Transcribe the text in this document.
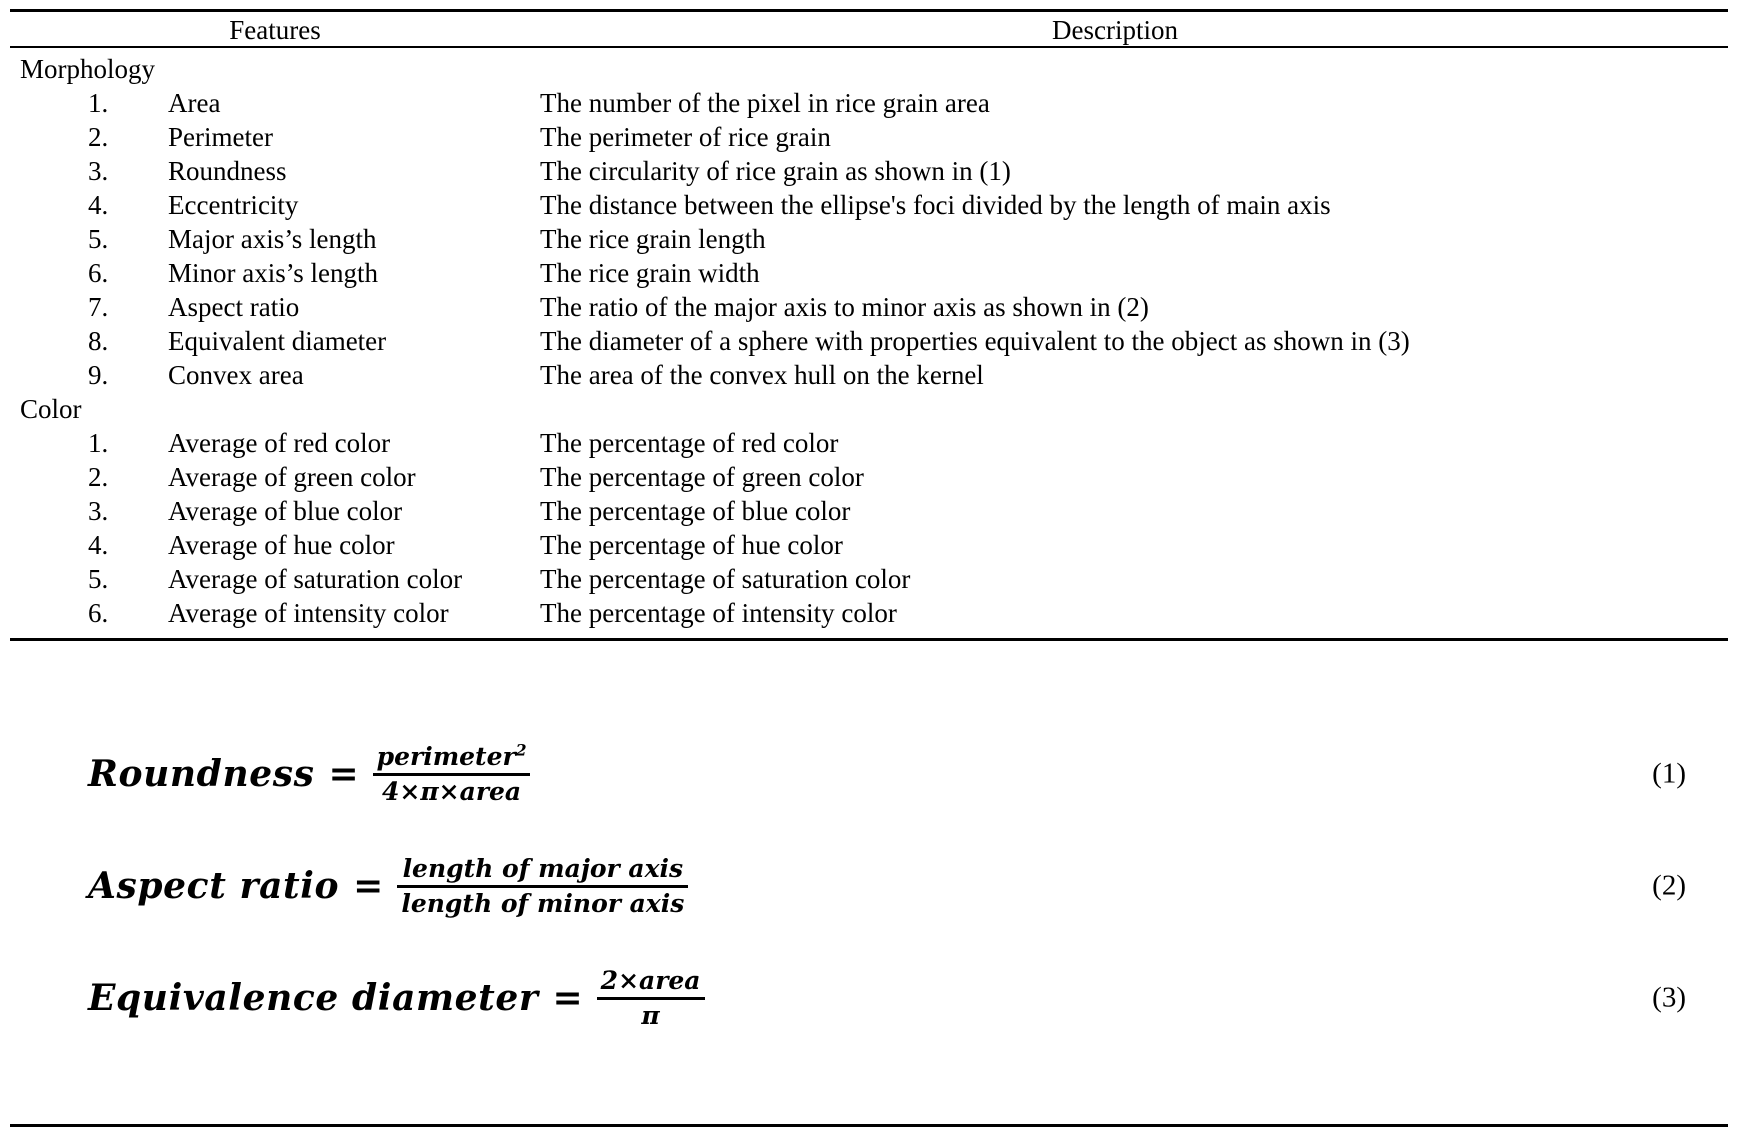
Features	Description
Morphology
1.	Area	The number of the pixel in rice grain area
2.	Perimeter	The perimeter of rice grain
3.	Roundness	The circularity of rice grain as shown in (1)
4.	Eccentricity	The distance between the ellipse's foci divided by the length of main axis
5.	Major axis’s length	The rice grain length
6.	Minor axis’s length	The rice grain width
7.	Aspect ratio	The ratio of the major axis to minor axis as shown in (2)
8.	Equivalent diameter	The diameter of a sphere with properties equivalent to the object as shown in (3)
9.	Convex area	The area of the convex hull on the kernel
Color
1.	Average of red color	The percentage of red color
2.	Average of green color	The percentage of green color
3.	Average of blue color	The percentage of blue color
4.	Average of hue color	The percentage of hue color
5.	Average of saturation color	The percentage of saturation color
6.	Average of intensity color	The percentage of intensity color
Roundness = $\frac{perimeter^2}{\text{4×π×area}}$	(1)
Aspect ratio = $\frac{\text{length of major axis}}{\text{length of minor axis}}$	(2)
Equivalence diameter = $\frac{\text{2×area}}{\pi}$	(3)
